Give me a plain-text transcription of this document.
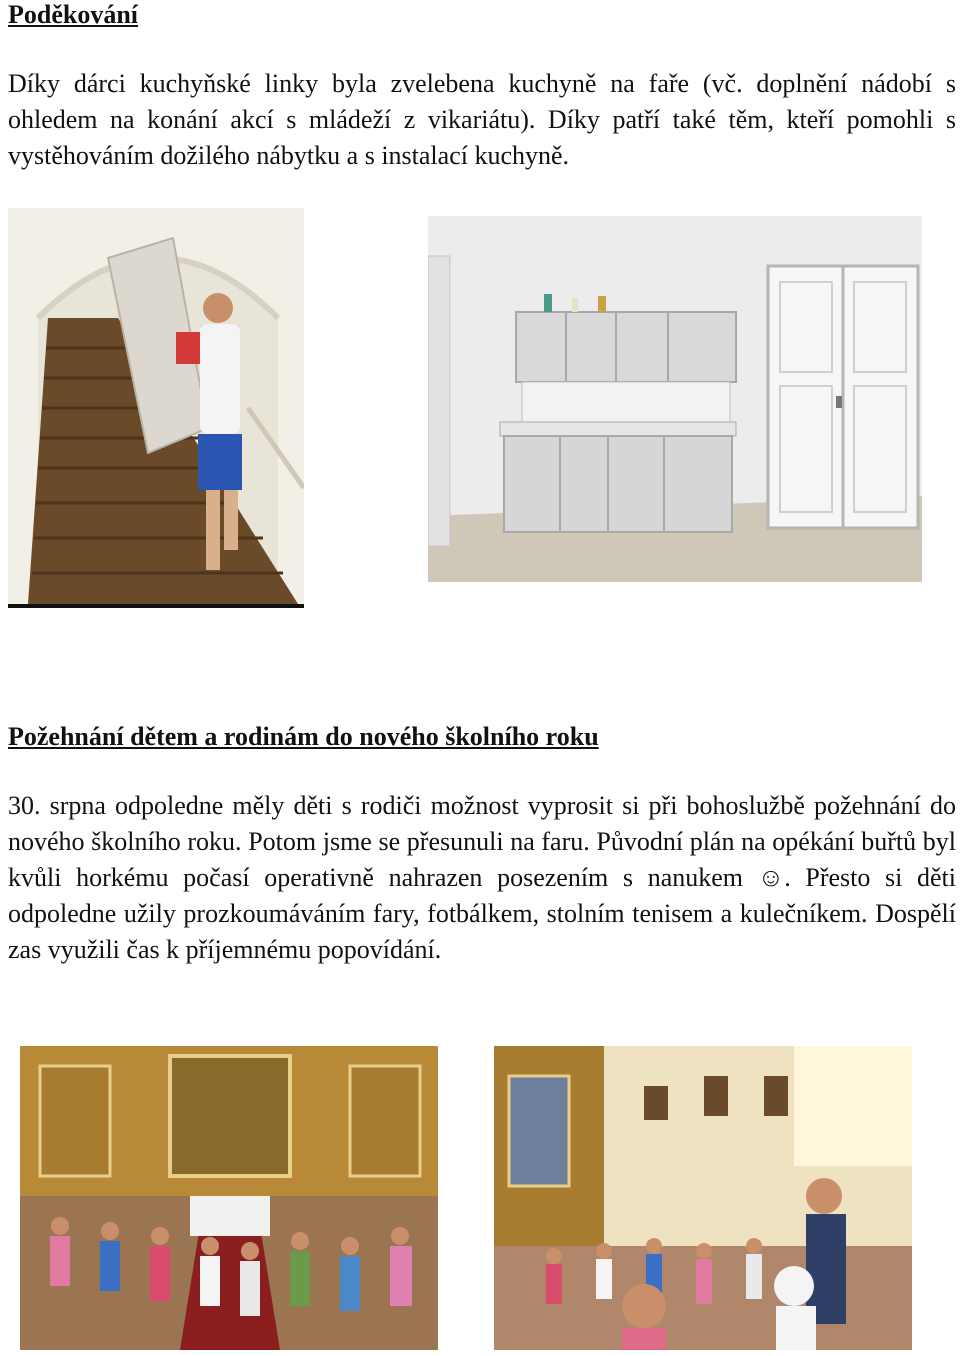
Poděkování

Díky dárci kuchyňské linky byla zvelebena kuchyně na faře (vč. doplnění nádobí s ohledem na konání akcí s mládeží z vikariátu). Díky patří také těm, kteří pomohli s vystěhováním dožilého nábytku a s instalací kuchyně.

Požehnání dětem a rodinám do nového školního roku

30. srpna odpoledne měly děti s rodiči možnost vyprosit si při bohoslužbě požehnání do nového školního roku. Potom jsme se přesunuli na faru. Původní plán na opékání buřtů byl kvůli horkému počasí operativně nahrazen posezením s nanukem ☺. Přesto si děti odpoledne užily prozkoumáváním fary, fotbálkem, stolním tenisem a kulečníkem. Dospělí zas využili čas k příjemnému popovídání.
